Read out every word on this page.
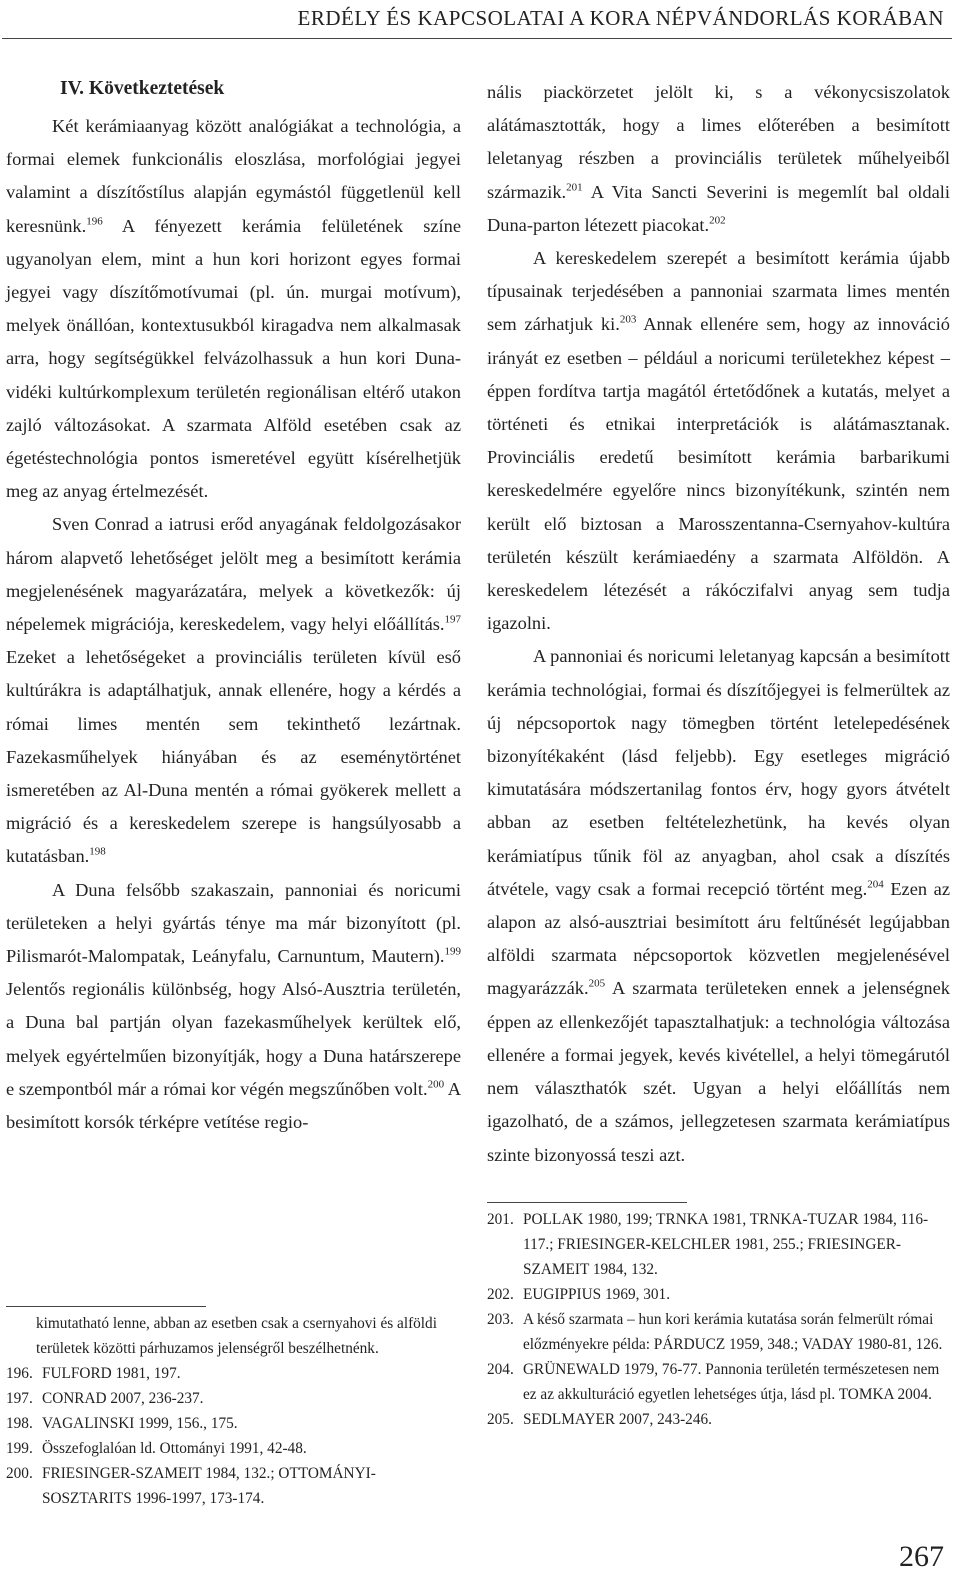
ERDÉLY ÉS KAPCSOLATAI A KORA NÉPVÁNDORLÁS KORÁBAN
IV. Következtetések

Két kerámiaanyag között analógiákat a technológia, a formai elemek funkcionális eloszlása, morfológiai jegyei valamint a díszítőstílus alapján egymástól függetlenül kell keresnünk.$^{196}$ A fényezett kerámia felületének színe ugyanolyan elem, mint a hun kori horizont egyes formai jegyei vagy díszítőmotívumai (pl. ún. murgai motívum), melyek önállóan, kontextusukból kiragadva nem alkalmasak arra, hogy segítségükkel felvázolhassuk a hun kori Duna-vidéki kultúrkomplexum területén regionálisan eltérő utakon zajló változásokat. A szarmata Alföld esetében csak az égetéstechnológia pontos ismeretével együtt kísérelhetjük meg az anyag értelmezését.

Sven Conrad a iatrusi erőd anyagának feldolgozásakor három alapvető lehetőséget jelölt meg a besimított kerámia megjelenésének magyarázatára, melyek a következők: új népelemek migrációja, kereskedelem, vagy helyi előállítás.$^{197}$ Ezeket a lehetőségeket a provinciális területen kívül eső kultúrákra is adaptálhatjuk, annak ellenére, hogy a kérdés a római limes mentén sem tekinthető lezártnak. Fazekasműhelyek hiányában és az eseménytörténet ismeretében az Al-Duna mentén a római gyökerek mellett a migráció és a kereskedelem szerepe is hangsúlyosabb a kutatásban.$^{198}$

A Duna felsőbb szakaszain, pannoniai és noricumi területeken a helyi gyártás ténye ma már bizonyított (pl. Pilismarót-Malompatak, Leányfalu, Carnuntum, Mautern).$^{199}$ Jelentős regionális különbség, hogy Alsó-Ausztria területén, a Duna bal partján olyan fazekasműhelyek kerültek elő, melyek egyértelműen bizonyítják, hogy a Duna határszerepe e szempontból már a római kor végén megszűnőben volt.$^{200}$ A besimított korsók térképre vetítése regio-

kimutatható lenne, abban az esetben csak a csernyahovi és alföldi területek közötti párhuzamos jelenségről beszélhetnénk.

196. FULFORD 1981, 197.
197. CONRAD 2007, 236-237.
198. VAGALINSKI 1999, 156., 175.
199. Összefoglalóan ld. Ottományi 1991, 42-48.
200. FRIESINGER-SZAMEIT 1984, 132.; OTTOMÁNYI-SOSZTARITS 1996-1997, 173-174.

nális piackörzetet jelölt ki, s a vékonycsiszolatok alátámasztották, hogy a limes előterében a besimított leletanyag részben a provinciális területek műhelyeiből származik.$^{201}$ A Vita Sancti Severini is megemlít bal oldali Duna-parton létezett piacokat.$^{202}$

A kereskedelem szerepét a besimított kerámia újabb típusainak terjedésében a pannoniai szarmata limes mentén sem zárhatjuk ki.$^{203}$ Annak ellenére sem, hogy az innováció irányát ez esetben – például a noricumi területekhez képest – éppen fordítva tartja magától értetődőnek a kutatás, melyet a történeti és etnikai interpretációk is alátámasztanak. Provinciális eredetű besimított kerámia barbarikumi kereskedelmére egyelőre nincs bizonyítékunk, szintén nem került elő biztosan a Marosszentanna-Csernyahov-kultúra területén készült kerámiaedény a szarmata Alföldön. A kereskedelem létezését a rákóczifalvi anyag sem tudja igazolni.

A pannoniai és noricumi leletanyag kapcsán a besimított kerámia technológiai, formai és díszítőjegyei is felmerültek az új népcsoportok nagy tömegben történt letelepedésének bizonyítékaként (lásd feljebb). Egy esetleges migráció kimutatására módszertanilag fontos érv, hogy gyors átvételt abban az esetben feltételezhetünk, ha kevés olyan kerámiatípus tűnik föl az anyagban, ahol csak a díszítés átvétele, vagy csak a formai recepció történt meg.$^{204}$ Ezen az alapon az alsó-ausztriai besimított áru feltűnését legújabban alföldi szarmata népcsoportok közvetlen megjelenésével magyarázzák.$^{205}$ A szarmata területeken ennek a jelenségnek éppen az ellenkezőjét tapasztalhatjuk: a technológia változása ellenére a formai jegyek, kevés kivétellel, a helyi tömegárutól nem választhatók szét. Ugyan a helyi előállítás nem igazolható, de a számos, jellegzetesen szarmata kerámiatípus szinte bizonyossá teszi azt.

201. POLLAK 1980, 199; TRNKA 1981, TRNKA-TUZAR 1984, 116-117.; FRIESINGER-KELCHLER 1981, 255.; FRIESINGER-SZAMEIT 1984, 132.
202. EUGIPPIUS 1969, 301.
203. A késő szarmata – hun kori kerámia kutatása során felmerült római előzményekre példa: PÁRDUCZ 1959, 348.; VADAY 1980-81, 126.
204. GRÜNEWALD 1979, 76-77. Pannonia területén természetesen nem ez az akkulturáció egyetlen lehetséges útja, lásd pl. TOMKA 2004.
205. SEDLMAYER 2007, 243-246.
267
